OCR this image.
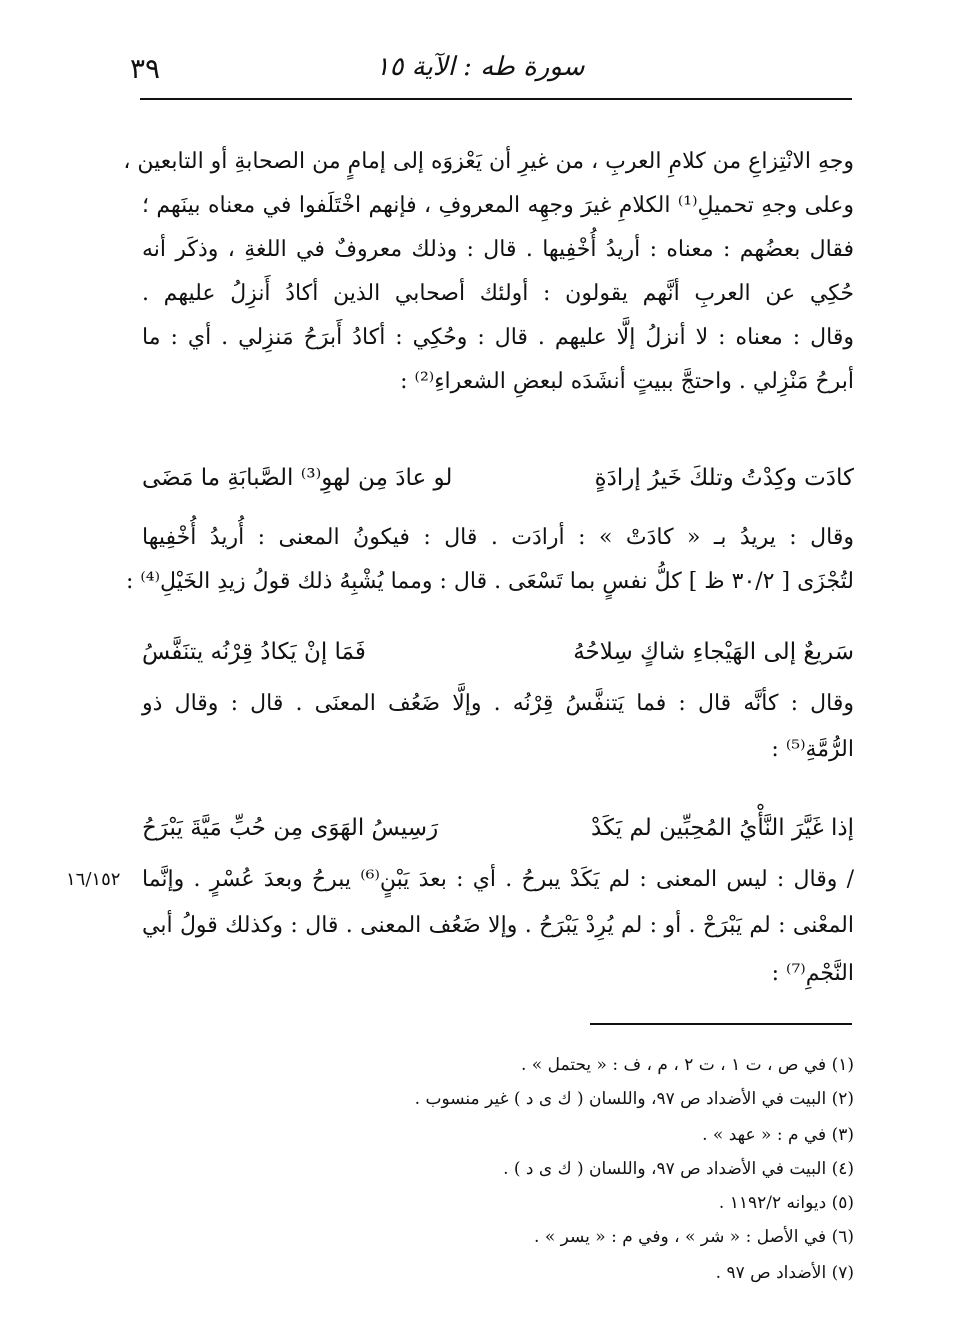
سورة طه : الآية ١٥
٣٩
وجهِ الانْتِزاعِ من كلامِ العربِ ، من غيرِ أن يَعْزوَه إلى إمامٍ من الصحابةِ أو التابعين ،
وعلى وجهِ تحميلِ⁽¹⁾ الكلامِ غيرَ وجهِه المعروفِ ، فإنهم اخْتَلَفوا في معناه بينَهم ؛
فقال بعضُهم : معناه : أريدُ أُخْفِيها . قال : وذلك معروفٌ في اللغةِ ، وذكَر أنه
حُكِي عن العربِ أنَّهم يقولون : أولئك أصحابي الذين أكادُ أَنزِلُ عليهم .
وقال : معناه : لا أنزلُ إلَّا عليهم . قال : وحُكِي : أكادُ أَبرَحُ مَنزِلي . أي : ما
أبرحُ مَنْزِلي . واحتجَّ ببيتٍ أنشَدَه لبعضِ الشعراءِ⁽²⁾ :
كادَت وكِدْتُ وتلكَ خَيرُ إرادَةٍ
لو عادَ مِن لهوِ⁽³⁾ الصَّبابَةِ ما مَضَى
وقال : يريدُ بـ « كادَتْ » : أرادَت . قال : فيكونُ المعنى : أُريدُ أُخْفِيها
لتُجْزَى [ ٣٠/٢ ظ ] كلُّ نفسٍ بما تَسْعَى . قال : ومما يُشْبِهُ ذلك قولُ زيدِ الخَيْلِ⁽⁴⁾ :
سَريعٌ إلى الهَيْجاءِ شاكٍ سِلاحُهُ
فَمَا إنْ يَكادُ قِرْنُه يتنَفَّسُ
وقال : كأنَّه قال : فما يَتنفَّسُ قِرْنُه . وإلَّا ضَعُف المعنَى . قال : وقال ذو
الرُّمَّةِ⁽⁵⁾ :
إذا غَيَّرَ النَّأْيُ المُحِبِّين لم يَكَدْ
رَسِيسُ الهَوَى مِن حُبِّ مَيَّةَ يَبْرَحُ
/ وقال : ليس المعنى : لم يَكَدْ يبرحُ . أي : بعدَ يَبْنٍ⁽⁶⁾ يبرحُ وبعدَ عُسْرٍ . وإنَّما
١٦/١٥٢
المعْنى : لم يَبْرَحْ . أو : لم يُرِدْ يَبْرَحُ . وإلا ضَعُف المعنى . قال : وكذلك قولُ أبي
النَّجْمِ⁽⁷⁾ :
(١) في ص ، ت ١ ، ت ٢ ، م ، ف : « يحتمل » .
(٢) البيت في الأضداد ص ٩٧، واللسان ( ك ى د ) غير منسوب .
(٣) في م : « عهد » .
(٤) البيت في الأضداد ص ٩٧، واللسان ( ك ى د ) .
(٥) ديوانه ١١٩٢/٢ .
(٦) في الأصل : « شر » ، وفي م : « يسر » .
(٧) الأضداد ص ٩٧ .
